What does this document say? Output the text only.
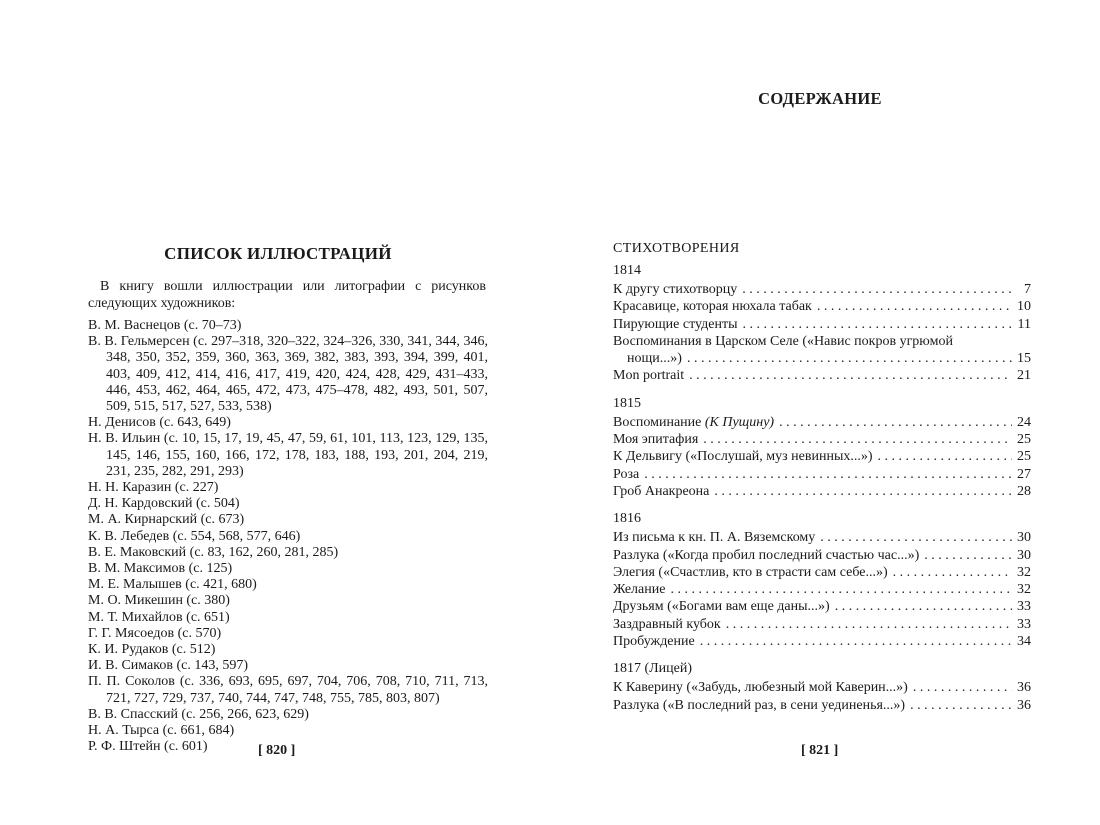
СПИСОК ИЛЛЮСТРАЦИЙ
В книгу вошли иллюстрации или литографии с рисунков следующих художников:
В. М. Васнецов (с. 70–73)
В. В. Гельмерсен (с. 297–318, 320–322, 324–326, 330, 341, 344, 346, 348, 350, 352, 359, 360, 363, 369, 382, 383, 393, 394, 399, 401, 403, 409, 412, 414, 416, 417, 419, 420, 424, 428, 429, 431–433, 446, 453, 462, 464, 465, 472, 473, 475–478, 482, 493, 501, 507, 509, 515, 517, 527, 533, 538)
Н. Денисов (с. 643, 649)
Н. В. Ильин (с. 10, 15, 17, 19, 45, 47, 59, 61, 101, 113, 123, 129, 135, 145, 146, 155, 160, 166, 172, 178, 183, 188, 193, 201, 204, 219, 231, 235, 282, 291, 293)
Н. Н. Каразин (с. 227)
Д. Н. Кардовский (с. 504)
М. А. Кирнарский (с. 673)
К. В. Лебедев (с. 554, 568, 577, 646)
В. Е. Маковский (с. 83, 162, 260, 281, 285)
В. М. Максимов (с. 125)
М. Е. Малышев (с. 421, 680)
М. О. Микешин (с. 380)
М. Т. Михайлов (с. 651)
Г. Г. Мясоедов (с. 570)
К. И. Рудаков (с. 512)
И. В. Симаков (с. 143, 597)
П. П. Соколов (с. 336, 693, 695, 697, 704, 706, 708, 710, 711, 713, 721, 727, 729, 737, 740, 744, 747, 748, 755, 785, 803, 807)
В. В. Спасский (с. 256, 266, 623, 629)
Н. А. Тырса (с. 661, 684)
Р. Ф. Штейн (с. 601)	[ 820 ]
СОДЕРЖАНИЕ
СТИХОТВОРЕНИЯ
1814
К другу стихотворцу . . .	7
Красавице, которая нюхала табак . . .	10
Пирующие студенты . . .	11
Воспоминания в Царском Селе («Навис покров угрюмой
нощи...») . . .	15
Mon portrait . . .	21
1815
Воспоминание (К Пущину) . . .	24
Моя эпитафия . . .	25
К Дельвигу («Послушай, муз невинных...») . . .	25
Роза . . .	27
Гроб Анакреона . . .	28
1816
Из письма к кн. П. А. Вяземскому . . .	30
Разлука («Когда пробил последний счастью час...») . . .	30
Элегия («Счастлив, кто в страсти сам себе...») . . .	32
Желание . . .	32
Друзьям («Богами вам еще даны...») . . .	33
Заздравный кубок . . .	33
Пробуждение . . .	34
1817 (Лицей)
К Каверину («Забудь, любезный мой Каверин...») . . .	36
Разлука («В последний раз, в сени уединенья...») . . .	36
[ 821 ]
